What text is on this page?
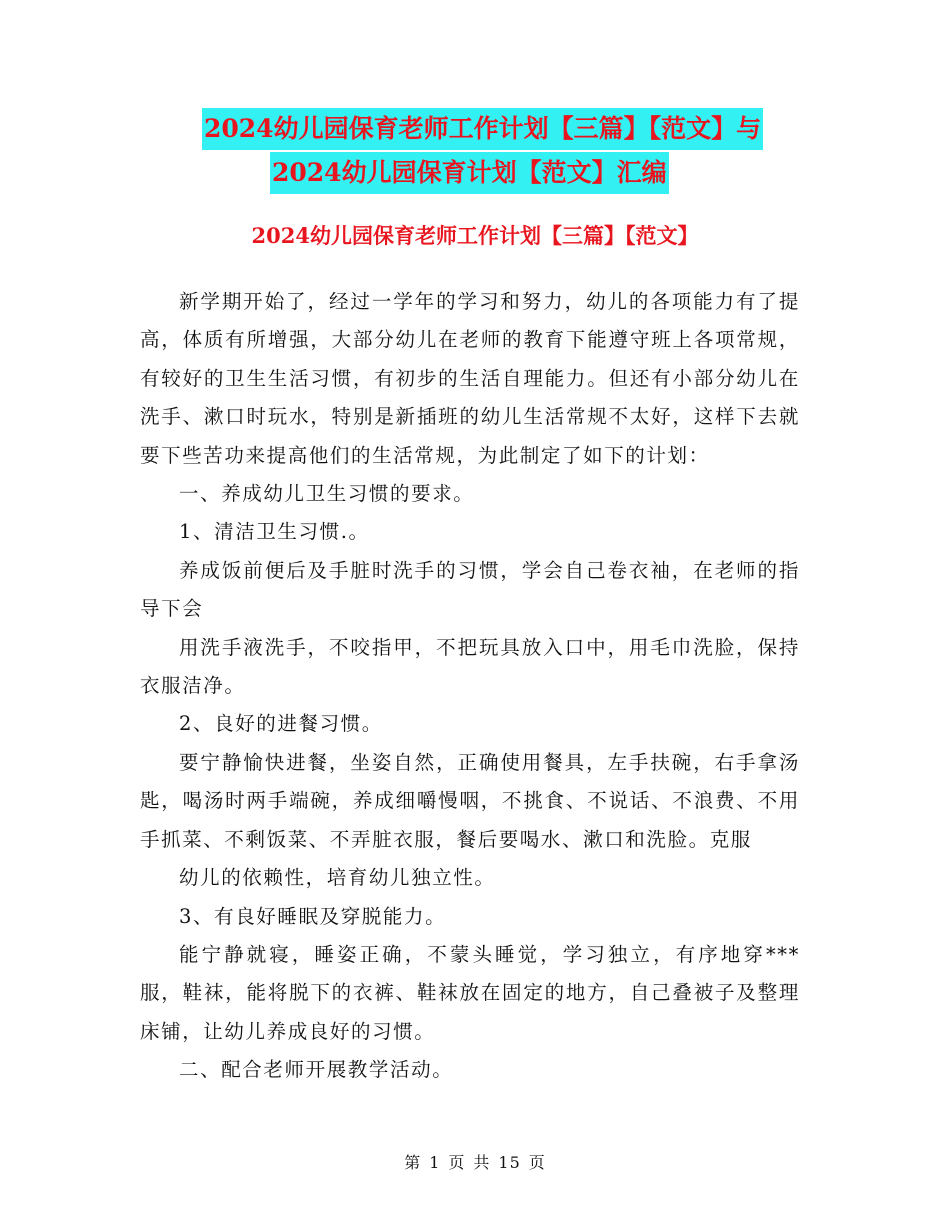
2024幼儿园保育老师工作计划【三篇】【范文】与
2024幼儿园保育计划【范文】汇编
2024幼儿园保育老师工作计划【三篇】【范文】

新学期开始了，经过一学年的学习和努力，幼儿的各项能力有了提高，体质有所增强，大部分幼儿在老师的教育下能遵守班上各项常规，有较好的卫生生活习惯，有初步的生活自理能力。但还有小部分幼儿在洗手、漱口时玩水，特别是新插班的幼儿生活常规不太好，这样下去就要下些苦功来提高他们的生活常规，为此制定了如下的计划：

一、养成幼儿卫生习惯的要求。

1、清洁卫生习惯.。

养成饭前便后及手脏时洗手的习惯，学会自己卷衣袖，在老师的指导下会

用洗手液洗手，不咬指甲，不把玩具放入口中，用毛巾洗脸，保持衣服洁净。

2、良好的进餐习惯。

要宁静愉快进餐，坐姿自然，正确使用餐具，左手扶碗，右手拿汤匙，喝汤时两手端碗，养成细嚼慢咽，不挑食、不说话、不浪费、不用手抓菜、不剩饭菜、不弄脏衣服，餐后要喝水、漱口和洗脸。克服

幼儿的依赖性，培育幼儿独立性。

3、有良好睡眠及穿脱能力。

能宁静就寝，睡姿正确，不蒙头睡觉，学习独立，有序地穿***服，鞋袜，能将脱下的衣裤、鞋袜放在固定的地方，自己叠被子及整理床铺，让幼儿养成良好的习惯。

二、配合老师开展教学活动。

第 1 页 共 15 页
